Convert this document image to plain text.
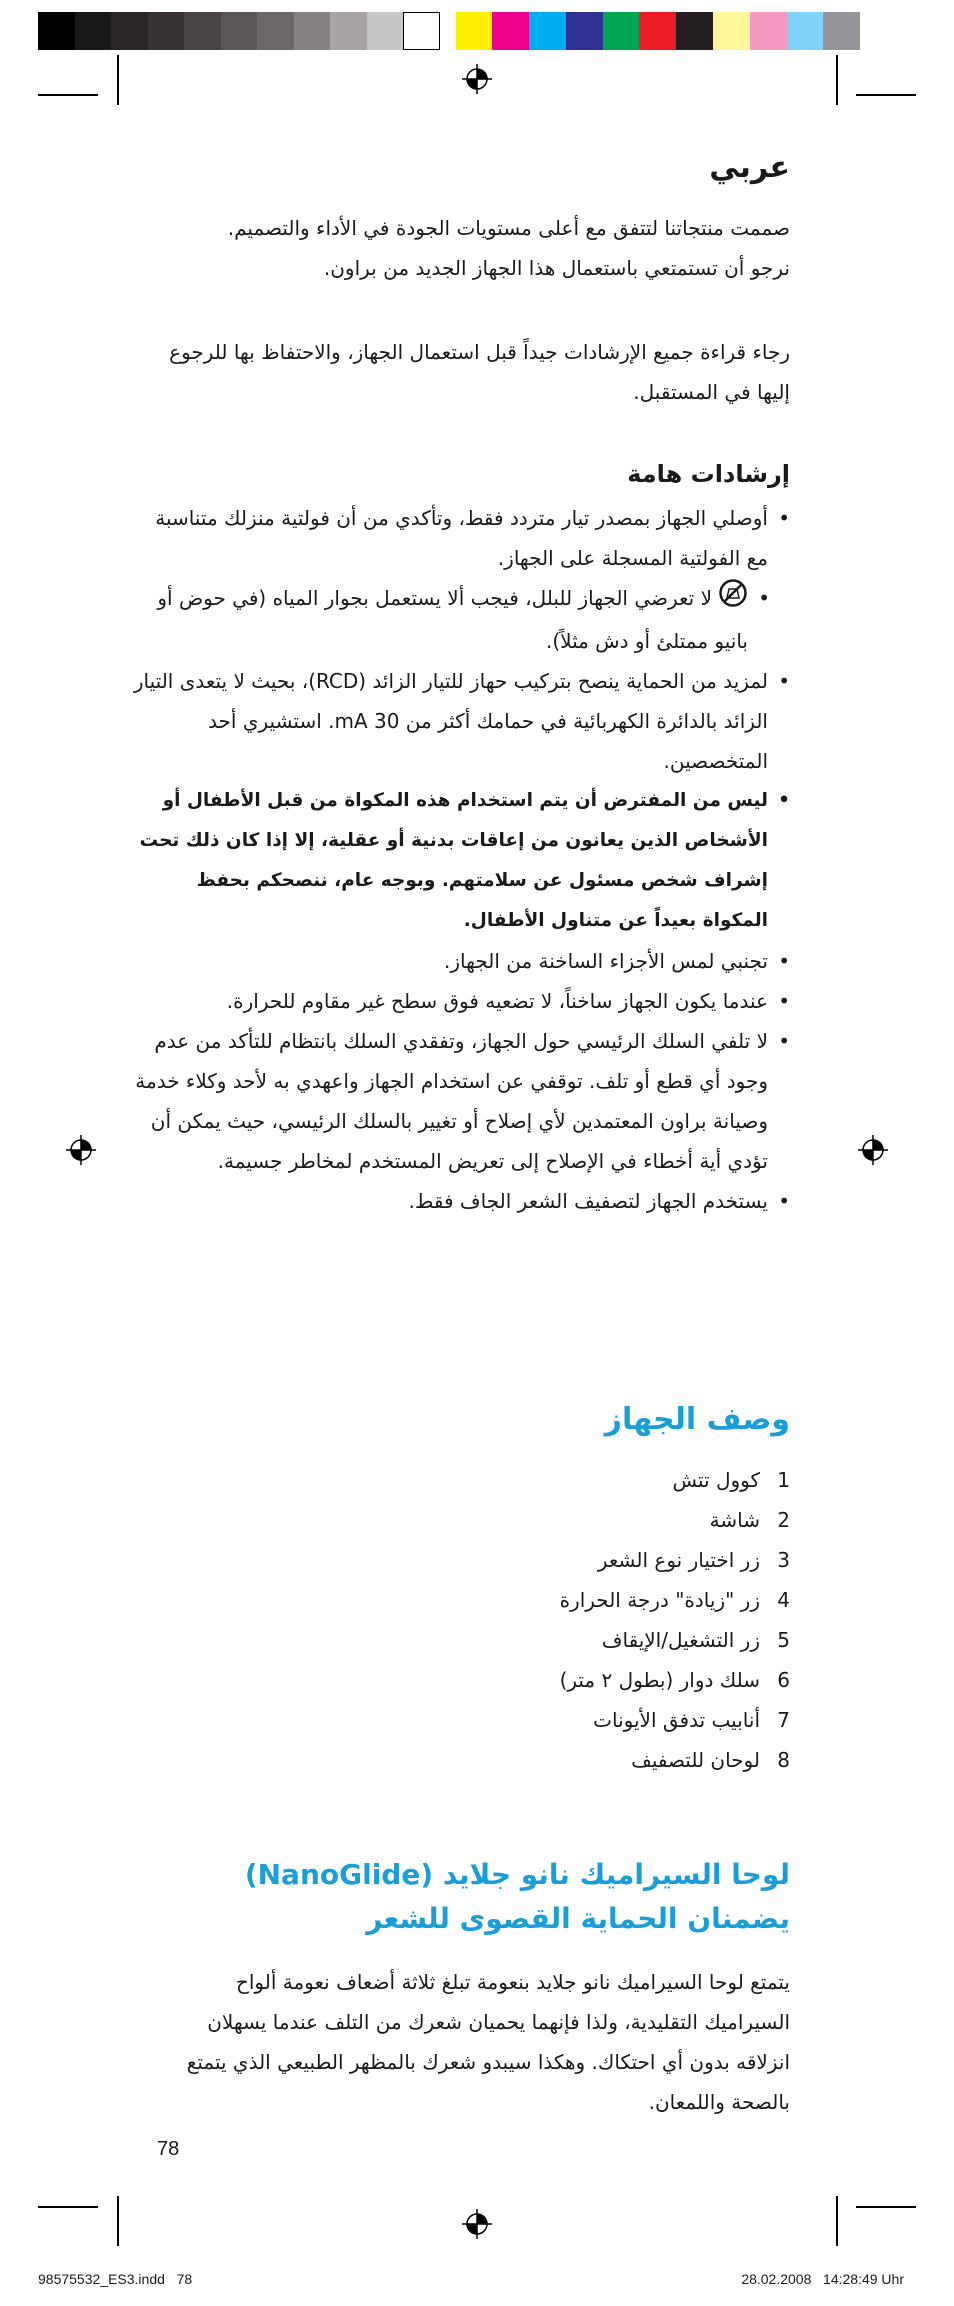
عربي

صممت منتجاتنا لتتفق مع أعلى مستويات الجودة في الأداء والتصميم.

نرجو أن تستمتعي باستعمال هذا الجهاز الجديد من براون.

رجاء قراءة جميع الإرشادات جيداً قبل استعمال الجهاز، والاحتفاظ بها للرجوع إليها في المستقبل.

إرشادات هامة
• أوصلي الجهاز بمصدر تيار متردد فقط، وتأكدي من أن فولتية منزلك متناسبة مع الفولتية المسجلة على الجهاز.
• لا تعرضي الجهاز للبلل، فيجب ألا يستعمل بجوار المياه (في حوض أو بانيو ممتلئ أو دش مثلاً).
• لمزيد من الحماية ينصح بتركيب حهاز للتيار الزائد (RCD)، بحيث لا يتعدى التيار الزائد بالدائرة الكهربائية في حمامك أكثر من 30 mA. استشيري أحد المتخصصين.
• ليس من المفترض أن يتم استخدام هذه المكواة من قبل الأطفال أو الأشخاص الذين يعانون من إعاقات بدنية أو عقلية، إلا إذا كان ذلك تحت إشراف شخص مسئول عن سلامتهم. وبوجه عام، ننصحكم بحفظ المكواة بعيداً عن متناول الأطفال.
• تجنبي لمس الأجزاء الساخنة من الجهاز.
• عندما يكون الجهاز ساخناً، لا تضعيه فوق سطح غير مقاوم للحرارة.
• لا تلفي السلك الرئيسي حول الجهاز، وتفقدي السلك بانتظام للتأكد من عدم وجود أي قطع أو تلف. توقفي عن استخدام الجهاز واعهدي به لأحد وكلاء خدمة وصيانة براون المعتمدين لأي إصلاح أو تغيير بالسلك الرئيسي، حيث يمكن أن تؤدي أية أخطاء في الإصلاح إلى تعريض المستخدم لمخاطر جسيمة.
• يستخدم الجهاز لتصفيف الشعر الجاف فقط.
وصف الجهاز
1كوول تتش
2شاشة
3زر اختيار نوع الشعر
4زر "زيادة" درجة الحرارة
5زر التشغيل/الإيقاف
6سلك دوار (بطول ٢ متر)
7أنابيب تدفق الأيونات
8لوحان للتصفيف
لوحا السيراميك نانو جلايد (NanoGlide)
يضمنان الحماية القصوى للشعر

يتمتع لوحا السيراميك نانو جلايد بنعومة تبلغ ثلاثة أضعاف نعومة ألواح السيراميك التقليدية، ولذا فإنهما يحميان شعرك من التلف عندما يسهلان انزلاقه بدون أي احتكاك. وهكذا سيبدو شعرك بالمظهر الطبيعي الذي يتمتع بالصحة واللمعان.

78
98575532_ES3.indd   78	28.02.2008   14:28:49 Uhr
